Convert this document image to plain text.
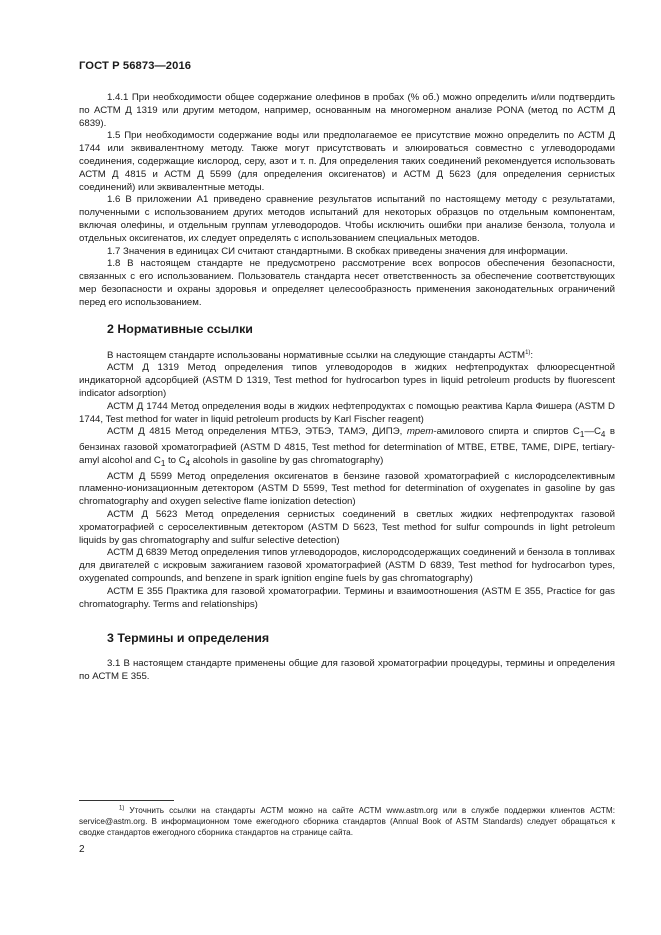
ГОСТ Р 56873—2016

1.4.1 При необходимости общее содержание олефинов в пробах (% об.) можно определить и/или подтвердить по АСТМ Д 1319 или другим методом, например, основанным на многомерном анализе PONA (метод по АСТМ Д 6839).

1.5 При необходимости содержание воды или предполагаемое ее присутствие можно определить по АСТМ Д 1744 или эквивалентному методу. Также могут присутствовать и элюироваться совместно с углеводородами соединения, содержащие кислород, серу, азот и т. п. Для определения таких соединений рекомендуется использовать АСТМ Д 4815 и АСТМ Д 5599 (для определения оксигенатов) и АСТМ Д 5623 (для определения сернистых соединений) или эквивалентные методы.

1.6 В приложении А1 приведено сравнение результатов испытаний по настоящему методу с результатами, полученными с использованием других методов испытаний для некоторых образцов по отдельным компонентам, включая олефины, и отдельным группам углеводородов. Чтобы исключить ошибки при анализе бензола, толуола и отдельных оксигенатов, их следует определять с использованием специальных методов.

1.7 Значения в единицах СИ считают стандартными. В скобках приведены значения для информации.

1.8 В настоящем стандарте не предусмотрено рассмотрение всех вопросов обеспечения безопасности, связанных с его использованием. Пользователь стандарта несет ответственность за обеспечение соответствующих мер безопасности и охраны здоровья и определяет целесообразность применения законодательных ограничений перед его использованием.

2 Нормативные ссылки

В настоящем стандарте использованы нормативные ссылки на следующие стандарты АСТМ$^{1)}$:

АСТМ Д 1319 Метод определения типов углеводородов в жидких нефтепродуктах флюоресцентной индикаторной адсорбцией (ASTM D 1319, Test method for hydrocarbon types in liquid petroleum products by fluorescent indicator adsorption)

АСТМ Д 1744 Метод определения воды в жидких нефтепродуктах с помощью реактива Карла Фишера (ASTM D 1744, Test method for water in liquid petroleum products by Karl Fischer reagent)

АСТМ Д 4815 Метод определения МТБЭ, ЭТБЭ, ТАМЭ, ДИПЭ, трет-амилового спирта и спиртов $С_1—С_4$ в бензинах газовой хроматографией (ASTM D 4815, Test method for determination of MTBE, ETBE, TAME, DIPE, tertiary-amyl alcohol and $C_1$ to $C_4$ alcohols in gasoline by gas chromatography)

АСТМ Д 5599 Метод определения оксигенатов в бензине газовой хроматографией с кислородселективным пламенно-ионизационным детектором (ASTM D 5599, Test method for determination of oxygenates in gasoline by gas chromatography and oxygen selective flame ionization detection)

АСТМ Д 5623 Метод определения сернистых соединений в светлых жидких нефтепродуктах газовой хроматографией с сероселективным детектором (ASTM D 5623, Test method for sulfur compounds in light petroleum liquids by gas chromatography and sulfur selective detection)

АСТМ Д 6839 Метод определения типов углеводородов, кислородсодержащих соединений и бензола в топливах для двигателей с искровым зажиганием газовой хроматографией (ASTM D 6839, Test method for hydrocarbon types, oxygenated compounds, and benzene in spark ignition engine fuels by gas chromatography)

АСТМ Е 355 Практика для газовой хроматографии. Термины и взаимоотношения (ASTM E 355, Practice for gas chromatography. Terms and relationships)

3 Термины и определения

3.1 В настоящем стандарте применены общие для газовой хроматографии процедуры, термины и определения по АСТМ Е 355.

$^{1)}$ Уточнить ссылки на стандарты АСТМ можно на сайте АСТМ www.astm.org или в службе поддержки клиентов АСТМ: service@astm.org. В информационном томе ежегодного сборника стандартов (Annual Book of ASTM Standards) следует обращаться к сводке стандартов ежегодного сборника стандартов на странице сайта.

2
